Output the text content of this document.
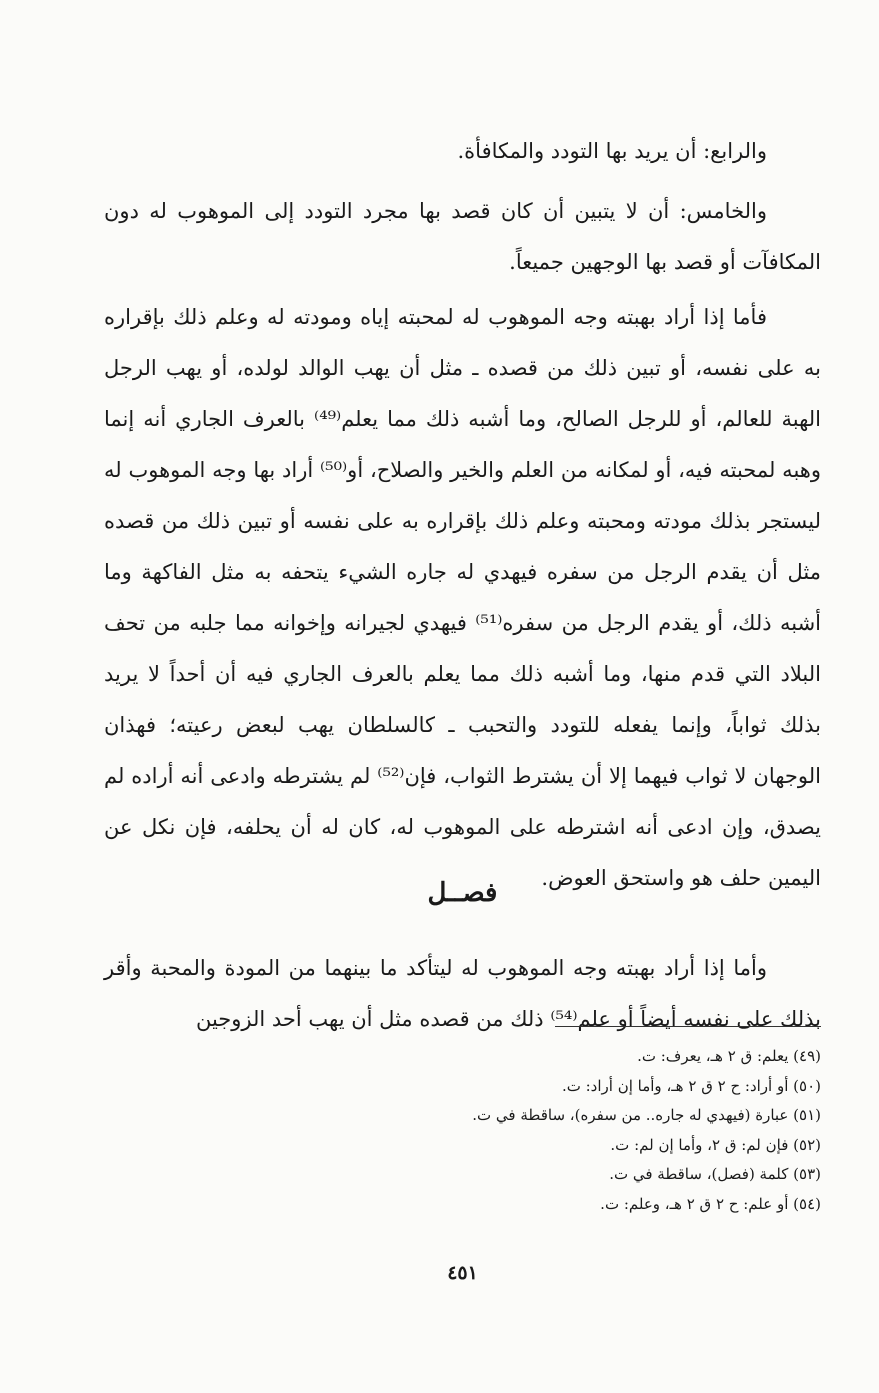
والرابع: أن يريد بها التودد والمكافأة.

والخامس: أن لا يتبين أن كان قصد بها مجرد التودد إلى الموهوب له دون المكافآت أو قصد بها الوجهين جميعاً.

فأما إذا أراد بهبته وجه الموهوب له لمحبته إياه ومودته له وعلم ذلك بإقراره به على نفسه، أو تبين ذلك من قصده ـ مثل أن يهب الوالد لولده، أو يهب الرجل الهبة للعالم، أو للرجل الصالح، وما أشبه ذلك مما يعلم⁽⁴⁹⁾ بالعرف الجاري أنه إنما وهبه لمحبته فيه، أو لمكانه من العلم والخير والصلاح، أو⁽⁵⁰⁾ أراد بها وجه الموهوب له ليستجر بذلك مودته ومحبته وعلم ذلك بإقراره به على نفسه أو تبين ذلك من قصده مثل أن يقدم الرجل من سفره فيهدي له جاره الشيء يتحفه به مثل الفاكهة وما أشبه ذلك، أو يقدم الرجل من سفره⁽⁵¹⁾ فيهدي لجيرانه وإخوانه مما جلبه من تحف البلاد التي قدم منها، وما أشبه ذلك مما يعلم بالعرف الجاري فيه أن أحداً لا يريد بذلك ثواباً، وإنما يفعله للتودد والتحبب ـ كالسلطان يهب لبعض رعيته؛ فهذان الوجهان لا ثواب فيهما إلا أن يشترط الثواب، فإن⁽⁵²⁾ لم يشترطه وادعى أنه أراده لم يصدق، وإن ادعى أنه اشترطه على الموهوب له، كان له أن يحلفه، فإن نكل عن اليمين حلف هو واستحق العوض.

فصــل

وأما إذا أراد بهبته وجه الموهوب له ليتأكد ما بينهما من المودة والمحبة وأقر بذلك على نفسه أيضاً أو علم⁽⁵⁴⁾ ذلك من قصده مثل أن يهب أحد الزوجين

(٤٩) يعلم: ق ٢ هـ، يعرف: ت.
(٥٠) أو أراد: ح ٢ ق ٢ هـ، وأما إن أراد: ت.
(٥١) عبارة (فيهدي له جاره.. من سفره)، ساقطة في ت.
(٥٢) فإن لم: ق ٢، وأما إن لم: ت.
(٥٣) كلمة (فصل)، ساقطة في ت.
(٥٤) أو علم: ح ٢ ق ٢ هـ، وعلم: ت.
٤٥١
